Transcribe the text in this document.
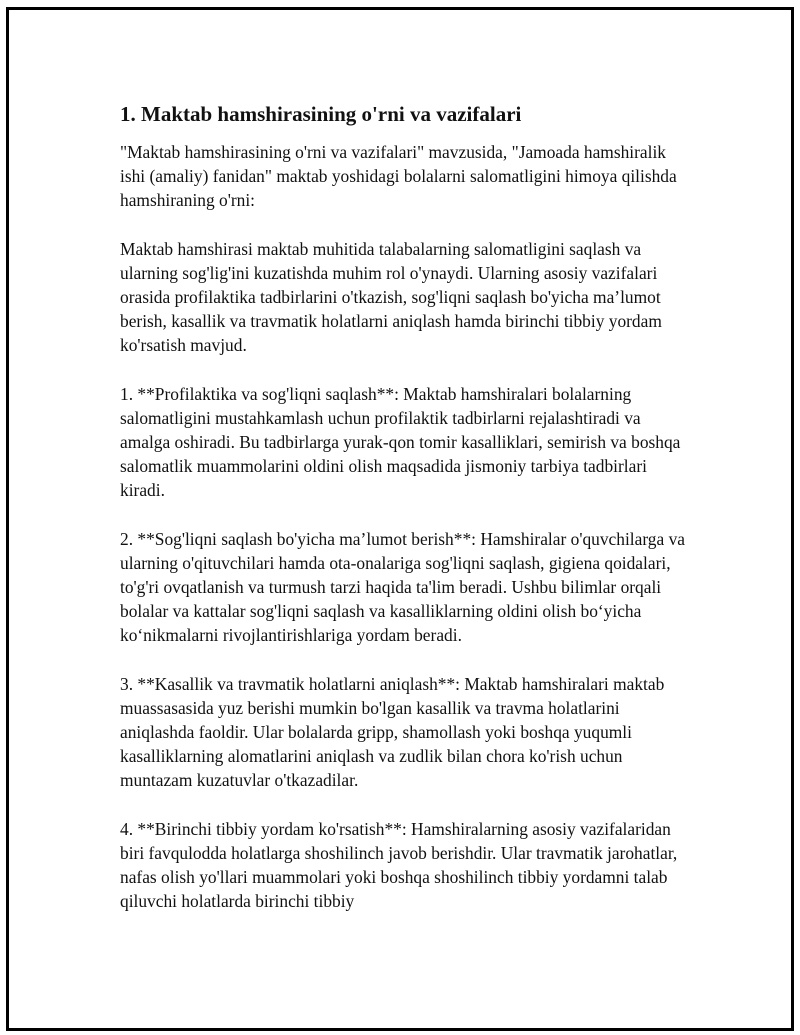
1. Maktab hamshirasining o'rni va vazifalari

"Maktab hamshirasining o'rni va vazifalari" mavzusida, "Jamoada hamshiralik ishi (amaliy) fanidan" maktab yoshidagi bolalarni salomatligini himoya qilishda hamshiraning o'rni:

Maktab hamshirasi maktab muhitida talabalarning salomatligini saqlash va ularning sog'lig'ini kuzatishda muhim rol o'ynaydi. Ularning asosiy vazifalari orasida profilaktika tadbirlarini o'tkazish, sog'liqni saqlash bo'yicha ma’lumot berish, kasallik va travmatik holatlarni aniqlash hamda birinchi tibbiy yordam ko'rsatish mavjud.

1. **Profilaktika va sog'liqni saqlash**: Maktab hamshiralari bolalarning salomatligini mustahkamlash uchun profilaktik tadbirlarni rejalashtiradi va amalga oshiradi. Bu tadbirlarga yurak-qon tomir kasalliklari, semirish va boshqa salomatlik muammolarini oldini olish maqsadida jismoniy tarbiya tadbirlari kiradi.

2. **Sog'liqni saqlash bo'yicha ma’lumot berish**: Hamshiralar o'quvchilarga va ularning o'qituvchilari hamda ota-onalariga sog'liqni saqlash, gigiena qoidalari, to'g'ri ovqatlanish va turmush tarzi haqida ta'lim beradi. Ushbu bilimlar orqali bolalar va kattalar sog'liqni saqlash va kasalliklarning oldini olish bo‘yicha ko‘nikmalarni rivojlantirishlariga yordam beradi.

3. **Kasallik va travmatik holatlarni aniqlash**: Maktab hamshiralari maktab muassasasida yuz berishi mumkin bo'lgan kasallik va travma holatlarini aniqlashda faoldir. Ular bolalarda gripp, shamollash yoki boshqa yuqumli kasalliklarning alomatlarini aniqlash va zudlik bilan chora ko'rish uchun muntazam kuzatuvlar o'tkazadilar.

4. **Birinchi tibbiy yordam ko'rsatish**: Hamshiralarning asosiy vazifalaridan biri favqulodda holatlarga shoshilinch javob berishdir. Ular travmatik jarohatlar, nafas olish yo'llari muammolari yoki boshqa shoshilinch tibbiy yordamni talab qiluvchi holatlarda birinchi tibbiy
